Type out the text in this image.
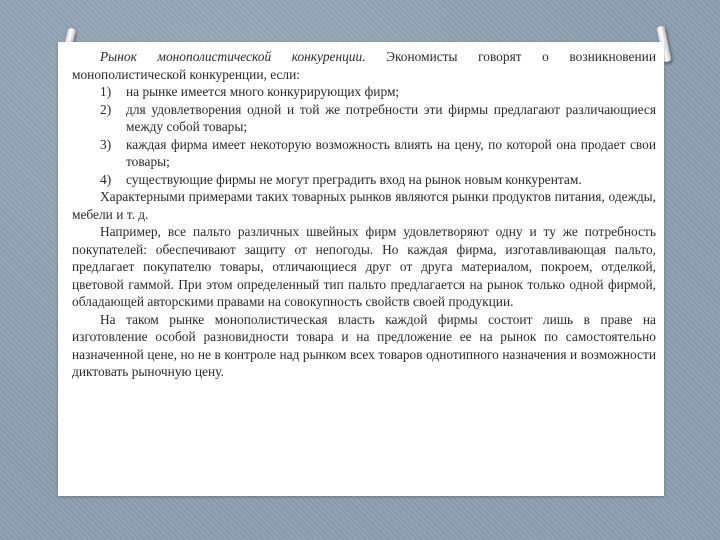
Рынок монополистической конкуренции. Экономисты говорят о возникновении монополистической конкуренции, если:

1)	на рынке имеется много конкурирующих фирм;
2)	для удовлетворения одной и той же потребности эти фирмы предлагают различающиеся между собой товары;
3)	каждая фирма имеет некоторую возможность влиять на цену, по которой она продает свои товары;
4)	существующие фирмы не могут преградить вход на рынок новым конкурентам.

Характерными примерами таких товарных рынков являются рынки продуктов питания, одежды, мебели и т. д.

Например, все пальто различных швейных фирм удовлетворяют одну и ту же потребность покупателей: обеспечивают защиту от непогоды. Но каждая фирма, изготавливающая пальто, предлагает покупателю товары, отличающиеся друг от друга материалом, покроем, отделкой, цветовой гаммой. При этом определенный тип пальто предлагается на рынок только одной фирмой, обладающей авторскими правами на совокупность свойств своей продукции.

На таком рынке монополистическая власть каждой фирмы состоит лишь в праве на изготовление особой разновидности товара и на предложение ее на рынок по самостоятельно назначенной цене, но не в контроле над рынком всех товаров однотипного назначения и возможности диктовать рыночную цену.
